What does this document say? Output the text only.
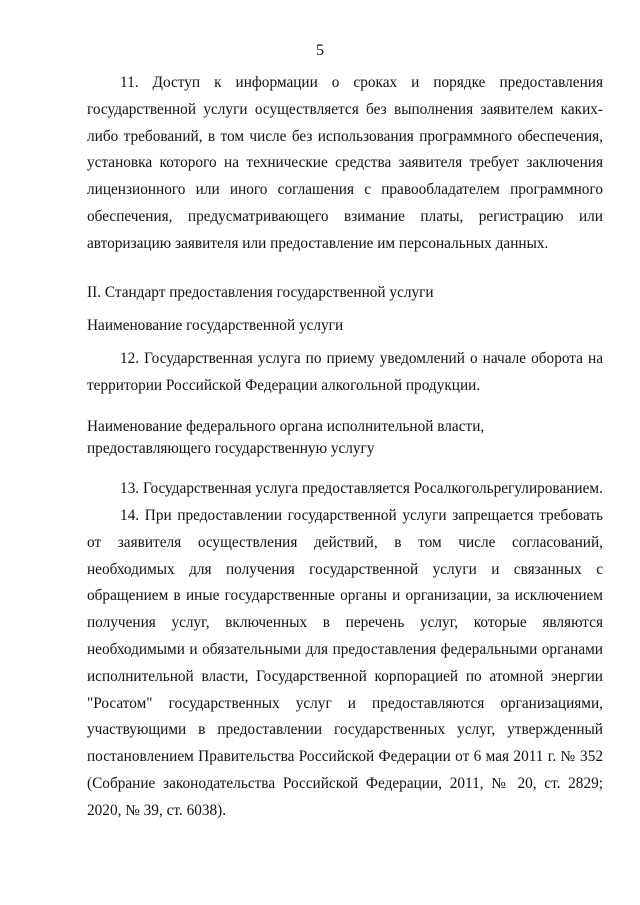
5

11. Доступ к информации о сроках и порядке предоставления государственной услуги осуществляется без выполнения заявителем каких-либо требований, в том числе без использования программного обеспечения, установка которого на технические средства заявителя требует заключения лицензионного или иного соглашения с правообладателем программного обеспечения, предусматривающего взимание платы, регистрацию или авторизацию заявителя или предоставление им персональных данных.

II. Стандарт предоставления государственной услуги

Наименование государственной услуги

12. Государственная услуга по приему уведомлений о начале оборота на территории Российской Федерации алкогольной продукции.

Наименование федерального органа исполнительной власти,

предоставляющего государственную услугу

13. Государственная услуга предоставляется Росалкогольрегулированием.

14. При предоставлении государственной услуги запрещается требовать от заявителя осуществления действий, в том числе согласований, необходимых для получения государственной услуги и связанных с обращением в иные государственные органы и организации, за исключением получения услуг, включенных в перечень услуг, которые являются необходимыми и обязательными для предоставления федеральными органами исполнительной власти, Государственной корпорацией по атомной энергии "Росатом" государственных услуг и предоставляются организациями, участвующими в предоставлении государственных услуг, утвержденный постановлением Правительства Российской Федерации от 6 мая 2011 г. № 352 (Собрание законодательства Российской Федерации, 2011, № 20, ст. 2829; 2020, № 39, ст. 6038).
